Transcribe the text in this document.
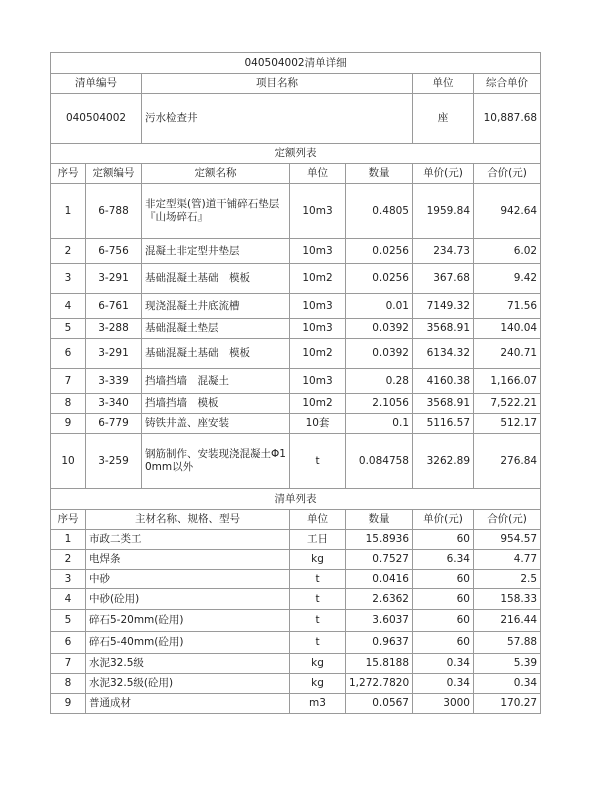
040504002清单详细						
清单编号		项目名称			单位	综合单价
040504002		污水检查井			座	10,887.68
定额列表						
序号	定额编号	定额名称	单位	数量	单价(元)	合价(元)
1	6-788	非定型渠(管)道干铺碎石垫层『山场碎石』	10m3	0.4805	1959.84	942.64
2	6-756	混凝土非定型井垫层	10m3	0.0256	234.73	6.02
3	3-291	基础混凝土基础　模板	10m2	0.0256	367.68	9.42
4	6-761	现浇混凝土井底流槽	10m3	0.01	7149.32	71.56
5	3-288	基础混凝土垫层	10m3	0.0392	3568.91	140.04
6	3-291	基础混凝土基础　模板	10m2	0.0392	6134.32	240.71
7	3-339	挡墙挡墙　混凝土	10m3	0.28	4160.38	1,166.07
8	3-340	挡墙挡墙　模板	10m2	2.1056	3568.91	7,522.21
9	6-779	铸铁井盖、座安装	10套	0.1	5116.57	512.17
10	3-259	钢筋制作、安装现浇混凝土Φ10mm以外	t	0.084758	3262.89	276.84
清单列表						
序号	主材名称、规格、型号		单位	数量	单价(元)	合价(元)
1	市政二类工		工日	15.8936	60	954.57
2	电焊条		kg	0.7527	6.34	4.77
3	中砂		t	0.0416	60	2.5
4	中砂(砼用)		t	2.6362	60	158.33
5	碎石5-20mm(砼用)		t	3.6037	60	216.44
6	碎石5-40mm(砼用)		t	0.9637	60	57.88
7	水泥32.5级		kg	15.8188	0.34	5.39
8	水泥32.5级(砼用)		kg	1,272.7820	0.34	0.34
9	普通成材		m3	0.0567	3000	170.27
